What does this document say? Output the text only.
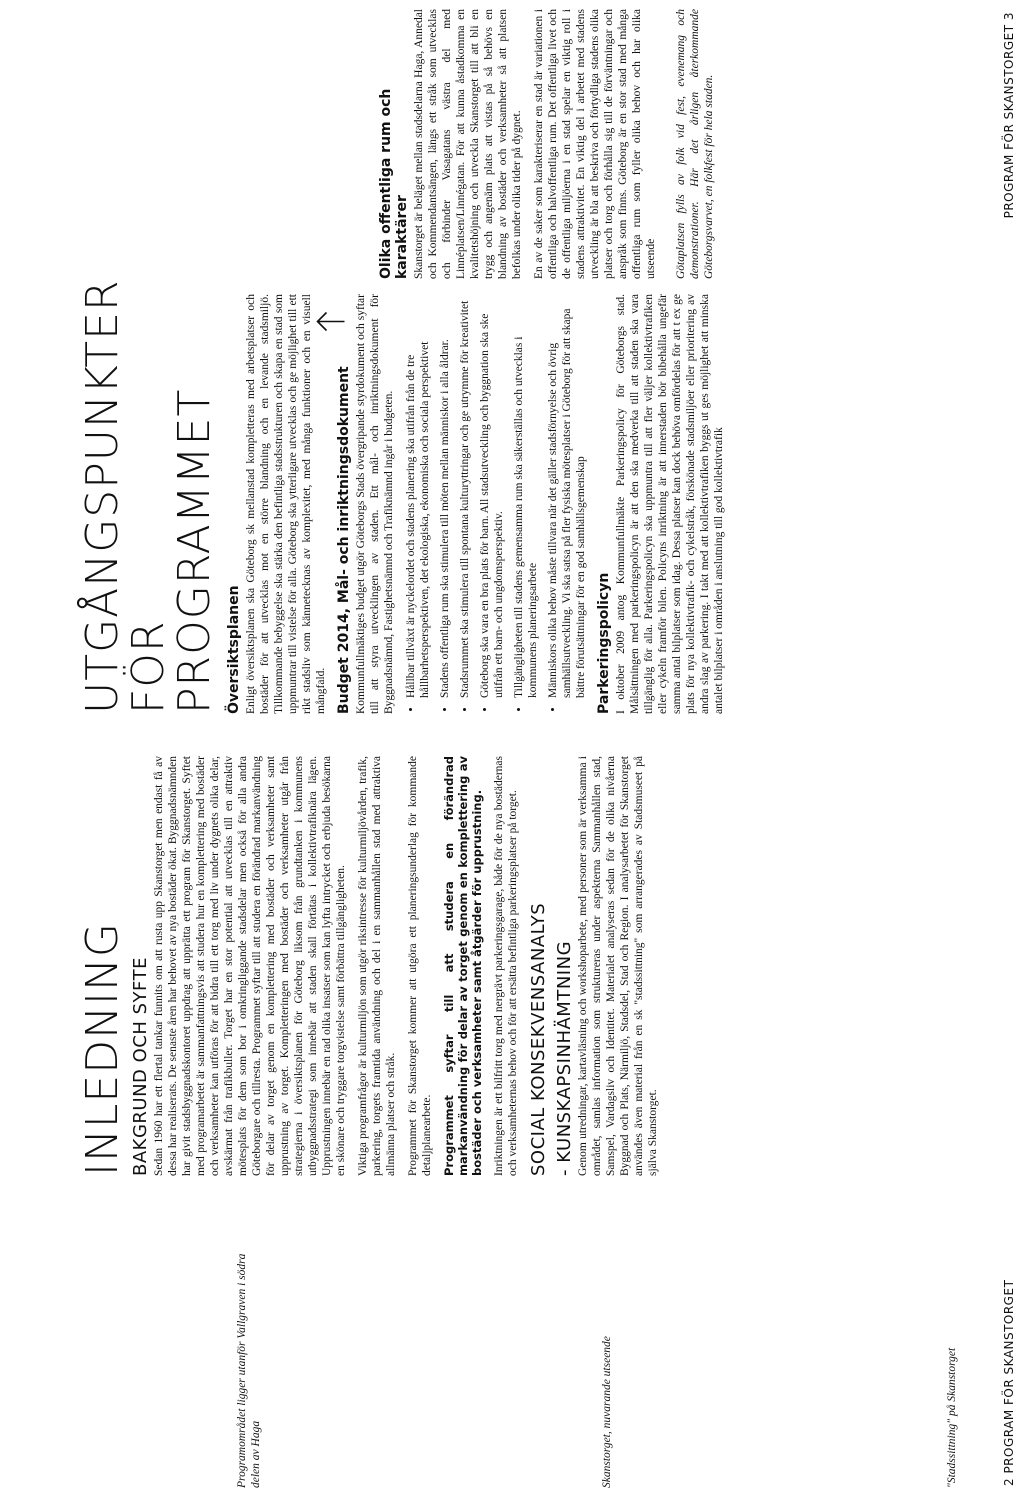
Programområdet ligger utanför Vallgraven i södra delen av Haga	Skanstorget, nuvarande utseende	"Stadssittning" på Skanstorget
INLEDNING BAKGRUND OCH SYFTE Sedan 1960 har ett flertal tankar funnits om att rusta upp Skanstorget men endast få av dessa har realiserats. De senaste åren har behovet av nya bostäder ökat. Byggnadsnämnden har givit stadsbyggnadskontoret uppdrag att upprätta ett program för Skanstorget. Syftet med programarbetet är sammanfattningsvis att studera hur en komplettering med bostäder och verksamheter kan utföras för att bidra till ett torg med liv under dygnets olika delar, avskärmat från trafikbuller. Torget har en stor potential att utvecklas till en attraktiv mötesplats för dem som bor i omkringliggande stadsdelar men också för alla andra Göteborgare och tillresta. Programmet syftar till att studera en förändrad markanvändning för delar av torget genom en komplettering med bostäder och verksamheter samt upprustning av torget. Kompletteringen med bostäder och verksamheter utgår från strategierna i översiktsplanen för Göteborg liksom från grundtanken i kommunens utbyggnadsstrategi som innebär att staden skall förtätas i kollektivtrafiknära lägen. Upprustningen innebär en rad olika insatser som kan lyfta intrycket och erbjuda besökarna en skönare och tryggare torgvistelse samt förbättra tillgängligheten. Viktiga programfrågor är kulturmiljön som utgör riksintresse för kulturmiljövården, trafik, parkering, torgets framtida användning och del i en sammanhållen stad med attraktiva allmänna platser och stråk. Programmet för Skanstorget kommer att utgöra ett planeringsunderlag för kommande detaljplanearbete. Programmet syftar till att studera en förändrad markanvändning för delar av torget genom en komplettering av bostäder och verksamheter samt åtgärder för upprustning. Inriktningen är ett bilfritt torg med nergrävt parkeringsgarage, både för de nya bostädernas och verksamheternas behov och för att ersätta befintliga parkeringsplatser på torget. SOCIAL KONSEKVENSANALYS - KUNSKAPSINHÄMTNING Genom utredningar, kartavläsning och workshoparbete, med personer som är verksamma i området, samlas information som struktureras under aspekterna Sammanhållen stad, Samspel, Vardagsliv och Identitet. Materialet analyseras sedan för de olika nivåerna Byggnad och Plats, Närmiljö, Stadsdel, Stad och Region. I analysarbetet för Skanstorget användes även material från en sk "stadssittning" som arrangerades av Stadsmuseet på själva Skanstorget.

UTGÅNGSPUNKTER
FÖR PROGRAMMET Översiktsplanen Enligt översiktsplanen ska Göteborg sk mellanstad kompletteras med arbetsplatser och bostäder för att utvecklas mot en större blandning och en levande stadsmiljö. Tillkommande bebyggelse ska stärka den befintliga stadsstrukturen och skapa en stad som uppmuntrar till vistelse för alla. Göteborg ska ytterligare utvecklas och ge möjlighet till ett rikt stadsliv som kännetecknas av komplexitet, med många funktioner och en visuell mångfald. Budget 2014, Mål- och inriktningsdokument Kommunfullmäktiges budget utgör Göteborgs Stads övergripande styrdokument och syftar till att styra utvecklingen av staden. Ett mål- och inriktningsdokument för Byggnadsnämnd, Fastighetsnämnd och Trafiknämnd ingår i budgeten. • Hållbar tillväxt är nyckelordet och stadens planering ska utifrån från de tre hållbarhetsperspektiven, det ekologiska, ekonomiska och sociala perspektivet • Stadens offentliga rum ska stimulera till möten mellan människor i alla åldrar. • Stadsrummet ska stimulera till spontana kulturyttringar och ge utrymme för kreativitet • Göteborg ska vara en bra plats för barn. All stadsutveckling och byggnation ska ske utifrån ett barn- och ungdomsperspektiv. • Tillgängligheten till stadens gemensamma rum ska säkerställas och utvecklas i kommunens planeringsarbete • Människors olika behov måste tillvara när det gäller stadsförnyelse och övrig samhällsutveckling. Vi ska satsa på fler fysiska mötesplatser i Göteborg för att skapa bättre förutsättningar för en god samhällsgemenskap Parkeringspolicyn I oktober 2009 antog Kommunfullmäkte Parkeringspolicy för Göteborgs stad. Målsättningen med parkeringspolicyn är att den ska medverka till att staden ska vara tillgänglig för alla. Parkeringspolicyn ska uppmuntra till att fler väljer kollektivtrafiken eller cykeln framför bilen. Policyns inriktning är att innerstaden bör bibehålla ungefär samma antal bilplatser som idag. Dessa platser kan dock behöva omfördelas för att t ex ge plats för nya kollektivtrafik- och cykelstråk, förskönade stadsmiljöer eller prioritering av andra slag av parkering. I takt med att kollektivtrafiken byggs ut ges möjlighet att minska antalet bilplatser i områden i anslutning till god kollektivtrafik

Olika offentliga rum och karaktärer Skanstorget är beläget mellan stadsdelarna Haga, Annedal och Kommendantsängen, längs ett stråk som utvecklas och förbinder Vasagatans västra del med Linnéplatsen/Linnégatan. För att kunna åstadkomma en kvalitetshöjning och utveckla Skanstorget till att bli en trygg och angenäm plats att vistas på så behövs en blandning av bostäder och verksamheter så att platsen befolkas under olika tider på dygnet. En av de saker som karakteriserar en stad är variationen i offentliga och halvoffentliga rum. Det offentliga livet och de offentliga miljöerna i en stad spelar en viktig roll i stadens attraktivitet. En viktig del i arbetet med stadens utveckling är bla att beskriva och förtydliga stadens olika platser och torg och förhålla sig till de förväntningar och anspråk som finns. Göteborg är en stor stad med många offentliga rum som fyller olika behov och har olika utseende Götaplatsen fylls av folk vid fest, evenemang och demonstrationer. Här det årligen återkommande Göteborgsvarvet, en folkfest för hela staden.

2 PROGRAM FÖR SKANSTORGET
PROGRAM FÖR SKANSTORGET 3
